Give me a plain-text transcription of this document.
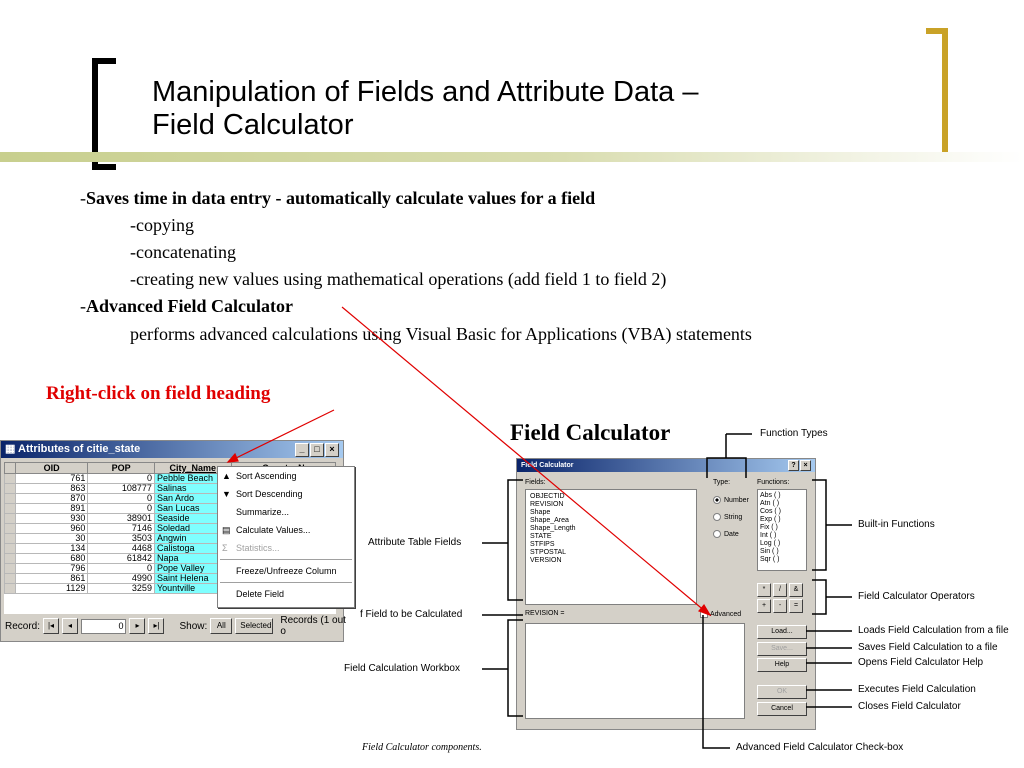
Manipulation of Fields and Attribute Data –
Field Calculator
-Saves time in data entry - automatically calculate values for a field
-copying
-concatenating
-creating new values using mathematical operations (add field 1 to field 2)
-Advanced Field Calculator
performs advanced calculations using Visual Basic for Applications (VBA) statements
Right-click on field heading
Field Calculator
▦ Attributes of citie_state	_	□	×
	OID	POP	City_Name	
	761	0	Pebble Beach	
	863	108777	Salinas	
	870	0	San Ardo	
	891	0	San Lucas	
	930	38901	Seaside	
	960	7146	Soledad	
	30	3503	Angwin	
	134	4468	Calistoga	
	680	61842	Napa	
	796	0	Pope Valley	
	861	4990	Saint Helena	
	1129	3259	Yountville	
Record: |◂	◂	0	▸	▸|	Show:	All	Selected Records (1 out o
▲ Sort Ascending
▼ Sort Descending
Summarize...
▤ Calculate Values...
Σ Statistics...
Freeze/Unfreeze Column
Delete Field
Field Calculator	?	×
Fields:
OBJECTID
REVISION
Shape
Shape_Area
Shape_Length
STATE
STFIPS
STPOSTAL
VERSION
Type:
Number
String
Date
Functions:
Abs ( )
Atn ( )
Cos ( )
Exp ( )
Fix ( )
Int ( )
Log ( )
Sin ( )
Sqr ( )
*	/	&
+	-	=
REVISION =	Advanced
Load...
Save...
Help
OK
Cancel
Function Types
Built-in Functions
Attribute Table Fields
f Field to be Calculated
Field Calculator Operators
Loads Field Calculation from a file
Saves Field Calculation to a file
Opens Field Calculator Help
Field Calculation Workbox
Executes Field Calculation
Closes Field Calculator
Advanced Field Calculator Check-box
Field Calculator components.
